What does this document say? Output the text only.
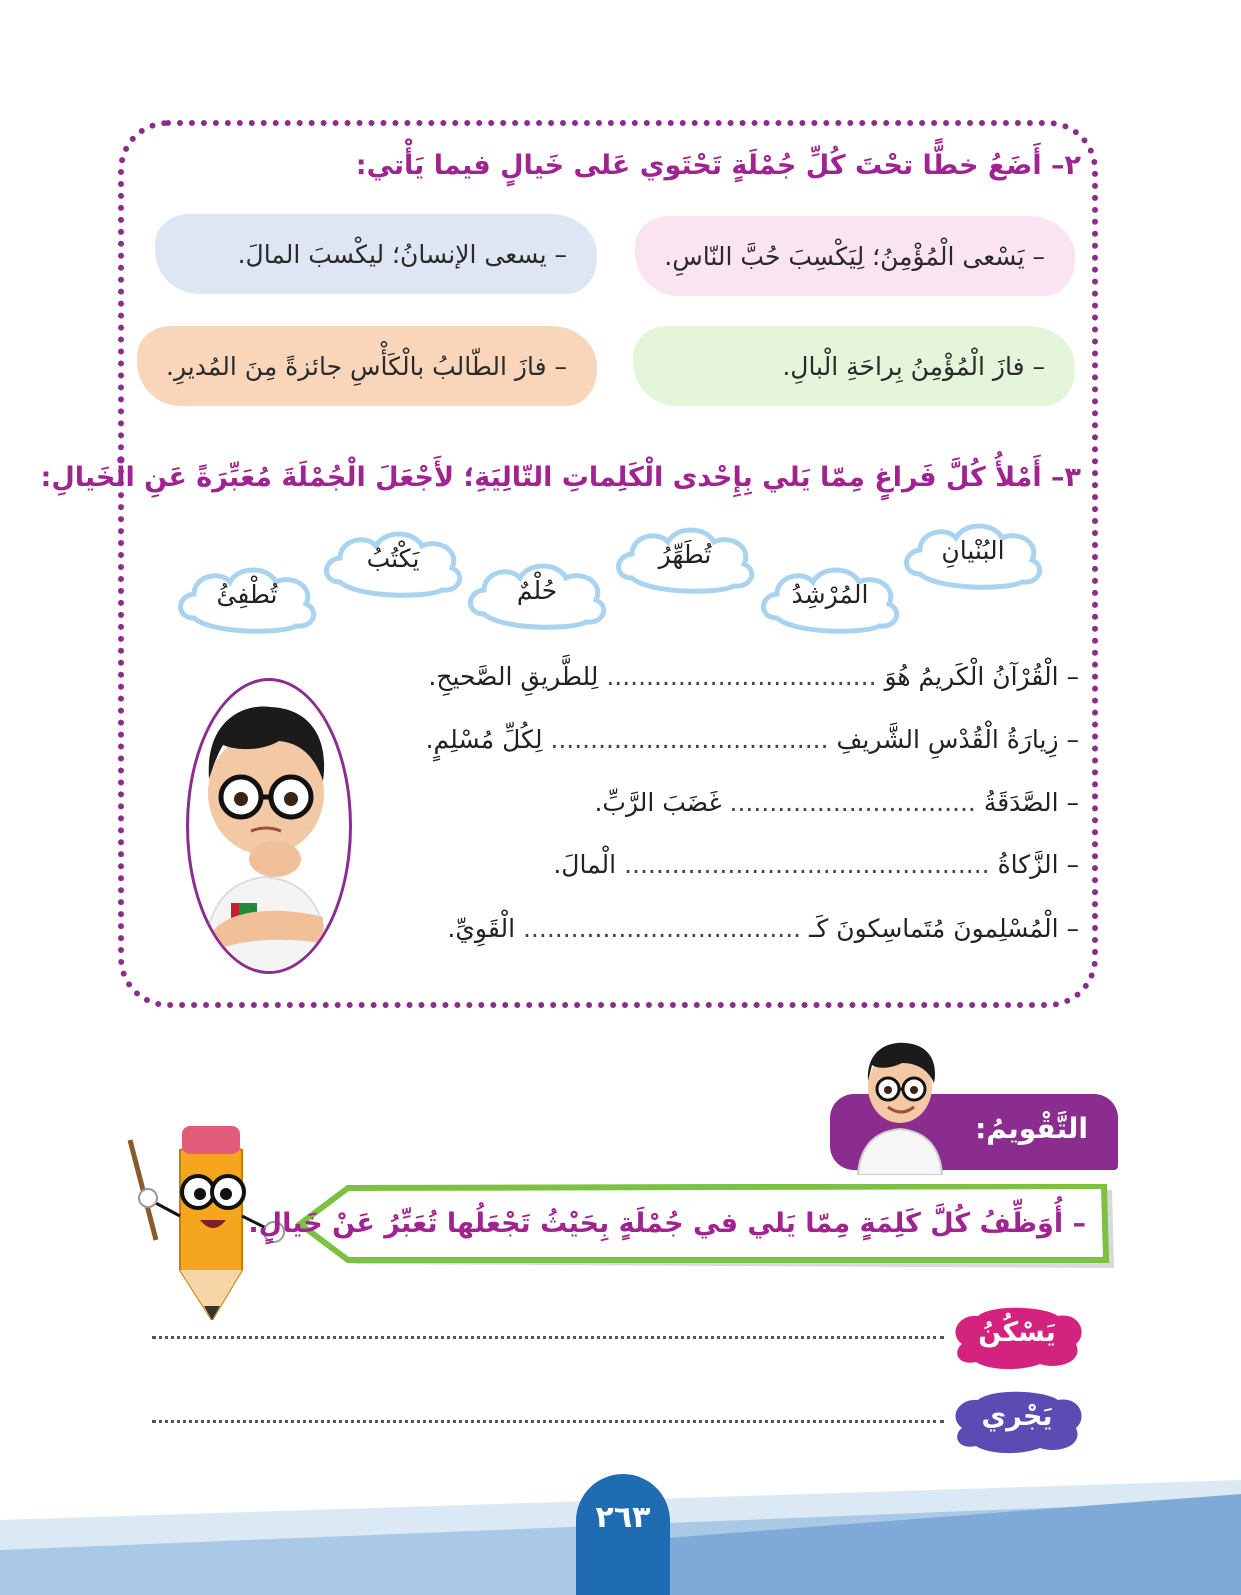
٢– أَضَعُ خطًّا تحْتَ كُلِّ جُمْلَةٍ تَحْتَوي عَلى خَيالٍ فيما يَأْتي:
– يَسْعى الْمُؤْمِنُ؛ لِيَكْسِبَ حُبَّ النّاسِ.
– يسعى الإنسانُ؛ ليكْسبَ المالَ.
– فازَ الْمُؤْمِنُ بِراحَةِ الْبالِ.
– فازَ الطّالبُ بالْكَأْسِ جائزةً مِنَ المُديرِ.
٣– أَمْلأُ كُلَّ فَراغٍ مِمّا يَلي بِإِحْدى الْكَلِماتِ التّالِيَةِ؛ لأَجْعَلَ الْجُمْلَةَ مُعَبِّرَةً عَنِ الْخَيالِ:
البُنْيانِ
المُرْشِدُ
تُطَهِّرُ
حُلْمٌ
يَكْتُبُ
تُطْفِئُ
– الْقُرْآنُ الْكَريمُ هُوَ .................................. لِلطَّريقِ الصَّحيحِ.
– زِيارَةُ الْقُدْسِ الشَّريفِ ................................... لِكُلِّ مُسْلِمٍ.
– الصَّدَقَةُ ............................... غَضَبَ الرَّبِّ.
– الزَّكاةُ .............................................. الْمالَ.
– الْمُسْلِمونَ مُتَماسِكونَ كَـ ................................... الْقَوِيِّ.
التَّقْويمُ:
– أُوَظِّفُ كُلَّ كَلِمَةٍ مِمّا يَلي في جُمْلَةٍ بِحَيْثُ تَجْعَلُها تُعَبِّرُ عَنْ خَيالٍ.
يَسْكُنُ
يَجْري
٢٦٣
